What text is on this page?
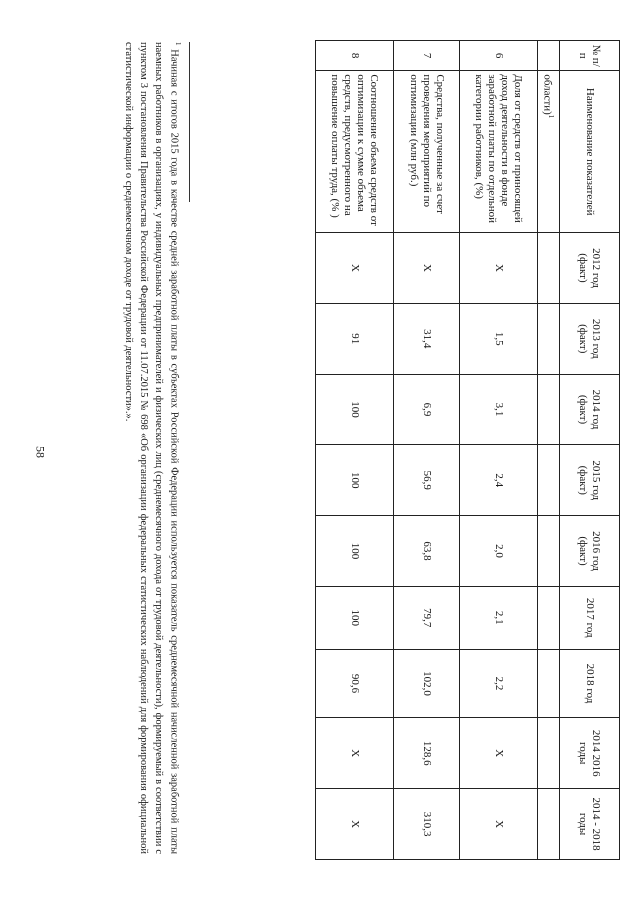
58
№ п/п	Наименование показателей	2012 год (факт)	2013 год (факт)	2014 год (факт)	2015 год (факт)	2016 год (факт)	2017 год	2018 год	2014 2016 годы	2014 - 2018 годы
	области)$^1$									
6	Доля от средств от приносящей доход деятельности в фонде заработной платы по отдельной категории работников, (%)	X	1,5	3,1	2,4	2,0	2,1	2,2	X	X
7	Средства, полученные за счет проведения мероприятий по оптимизации (млн руб.)	X	31,4	6,9	56,9	63,8	79,7	102,0	128,6	310,3
8	Соотношение объема средств от оптимизации к сумме объема средств, предусмотренного на повышение оплаты труда, (% )	X	91	100	100	100	100	90,6	X	X
$^1$ Начиная с итогов 2015 года в качестве средней заработной платы в субъектах Российской Федерации используется показатель среднемесячной начисленной заработной платы наемных работников в организациях, у индивидуальных предпринимателей и физических лиц (среднемесячного дохода от трудовой деятельности), формируемый в соответствии с пунктом 3 постановления Правительства Российской Федерации от 11.07.2015 № 698 «Об организации федеральных статистических наблюдений для формирования официальной статистической информации о среднемесячном доходе от трудовой деятельности».».
